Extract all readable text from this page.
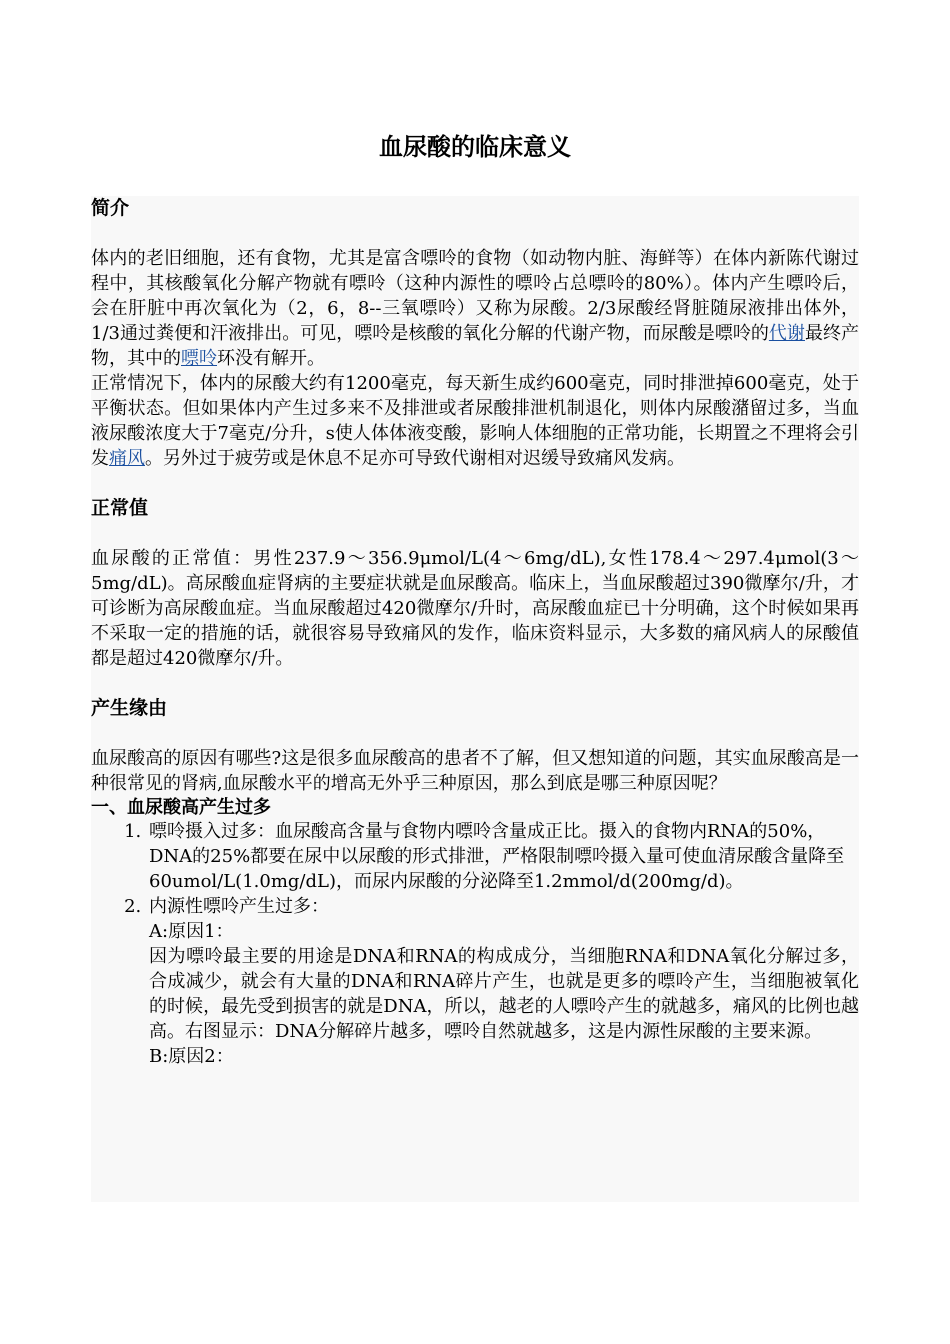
血尿酸的临床意义

简介

体内的老旧细胞，还有食物，尤其是富含嘌呤的食物（如动物内脏、海鲜等）在体内新陈代谢过程中，其核酸氧化分解产物就有嘌呤（这种内源性的嘌呤占总嘌呤的80%）。体内产生嘌呤后，会在肝脏中再次氧化为（2，6，8--三氧嘌呤）又称为尿酸。2/3尿酸经肾脏随尿液排出体外，1/3通过粪便和汗液排出。可见，嘌呤是核酸的氧化分解的代谢产物，而尿酸是嘌呤的代谢最终产物，其中的嘌呤环没有解开。

正常情况下，体内的尿酸大约有1200毫克，每天新生成约600毫克，同时排泄掉600毫克，处于平衡状态。但如果体内产生过多来不及排泄或者尿酸排泄机制退化，则体内尿酸潴留过多，当血液尿酸浓度大于7毫克/分升，s使人体体液变酸，影响人体细胞的正常功能，长期置之不理将会引发痛风。另外过于疲劳或是休息不足亦可导致代谢相对迟缓导致痛风发病。

正常值

血尿酸的正常值：男性237.9～356.9μmol/L(4～6mg/dL),女性178.4～297.4μmol(3～5mg/dL)。高尿酸血症肾病的主要症状就是血尿酸高。临床上，当血尿酸超过390微摩尔/升，才可诊断为高尿酸血症。当血尿酸超过420微摩尔/升时，高尿酸血症已十分明确，这个时候如果再不采取一定的措施的话，就很容易导致痛风的发作，临床资料显示，大多数的痛风病人的尿酸值都是超过420微摩尔/升。

产生缘由

血尿酸高的原因有哪些?这是很多血尿酸高的患者不了解，但又想知道的问题，其实血尿酸高是一种很常见的肾病,血尿酸水平的增高无外乎三种原因，那么到底是哪三种原因呢？

一、血尿酸高产生过多

1. 嘌呤摄入过多：血尿酸高含量与食物内嘌呤含量成正比。摄入的食物内RNA的50%，DNA的25%都要在尿中以尿酸的形式排泄，严格限制嘌呤摄入量可使血清尿酸含量降至60umol/L(1.0mg/dL)，而尿内尿酸的分泌降至1.2mmol/d(200mg/d)。

2. 内源性嘌呤产生过多：

A:原因1：

因为嘌呤最主要的用途是DNA和RNA的构成成分，当细胞RNA和DNA氧化分解过多，合成减少，就会有大量的DNA和RNA碎片产生，也就是更多的嘌呤产生，当细胞被氧化的时候，最先受到损害的就是DNA，所以，越老的人嘌呤产生的就越多，痛风的比例也越高。右图显示：DNA分解碎片越多，嘌呤自然就越多，这是内源性尿酸的主要来源。

B:原因2：
